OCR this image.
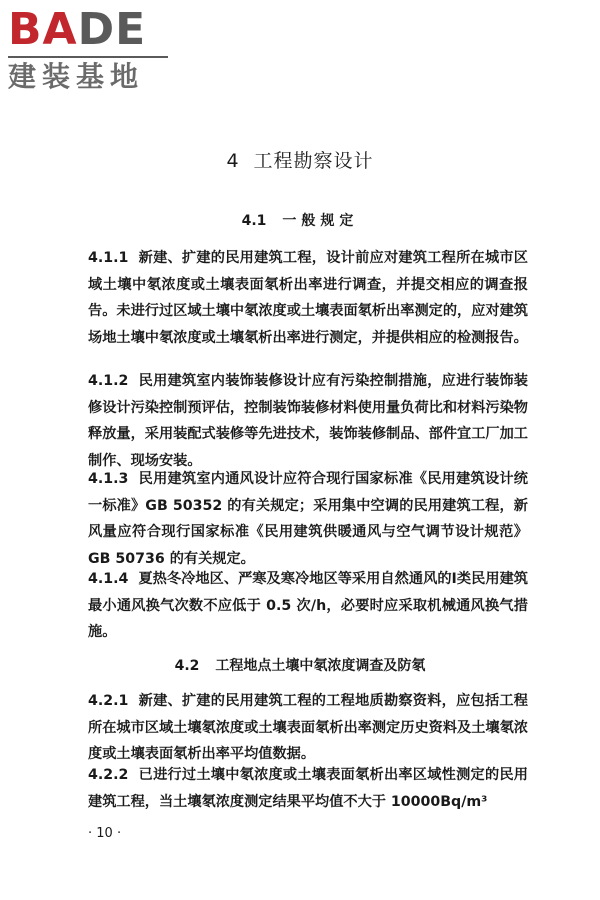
BADE
建装基地
4 工程勘察设计
4.1 一般规定
4.1.1 新建、扩建的民用建筑工程，设计前应对建筑工程所在城市区域土壤中氡浓度或土壤表面氡析出率进行调查，并提交相应的调查报告。未进行过区域土壤中氡浓度或土壤表面氡析出率测定的，应对建筑场地土壤中氡浓度或土壤氡析出率进行测定，并提供相应的检测报告。
4.1.2 民用建筑室内装饰装修设计应有污染控制措施，应进行装饰装修设计污染控制预评估，控制装饰装修材料使用量负荷比和材料污染物释放量，采用装配式装修等先进技术，装饰装修制品、部件宜工厂加工制作、现场安装。
4.1.3 民用建筑室内通风设计应符合现行国家标准《民用建筑设计统一标准》GB 50352 的有关规定；采用集中空调的民用建筑工程，新风量应符合现行国家标准《民用建筑供暖通风与空气调节设计规范》GB 50736 的有关规定。
4.1.4 夏热冬冷地区、严寒及寒冷地区等采用自然通风的Ⅰ类民用建筑最小通风换气次数不应低于 0.5 次/h，必要时应采取机械通风换气措施。
4.2 工程地点土壤中氡浓度调查及防氡
4.2.1 新建、扩建的民用建筑工程的工程地质勘察资料，应包括工程所在城市区域土壤氡浓度或土壤表面氡析出率测定历史资料及土壤氡浓度或土壤表面氡析出率平均值数据。
4.2.2 已进行过土壤中氡浓度或土壤表面氡析出率区域性测定的民用建筑工程，当土壤氡浓度测定结果平均值不大于 10000Bq/m³
· 10 ·
